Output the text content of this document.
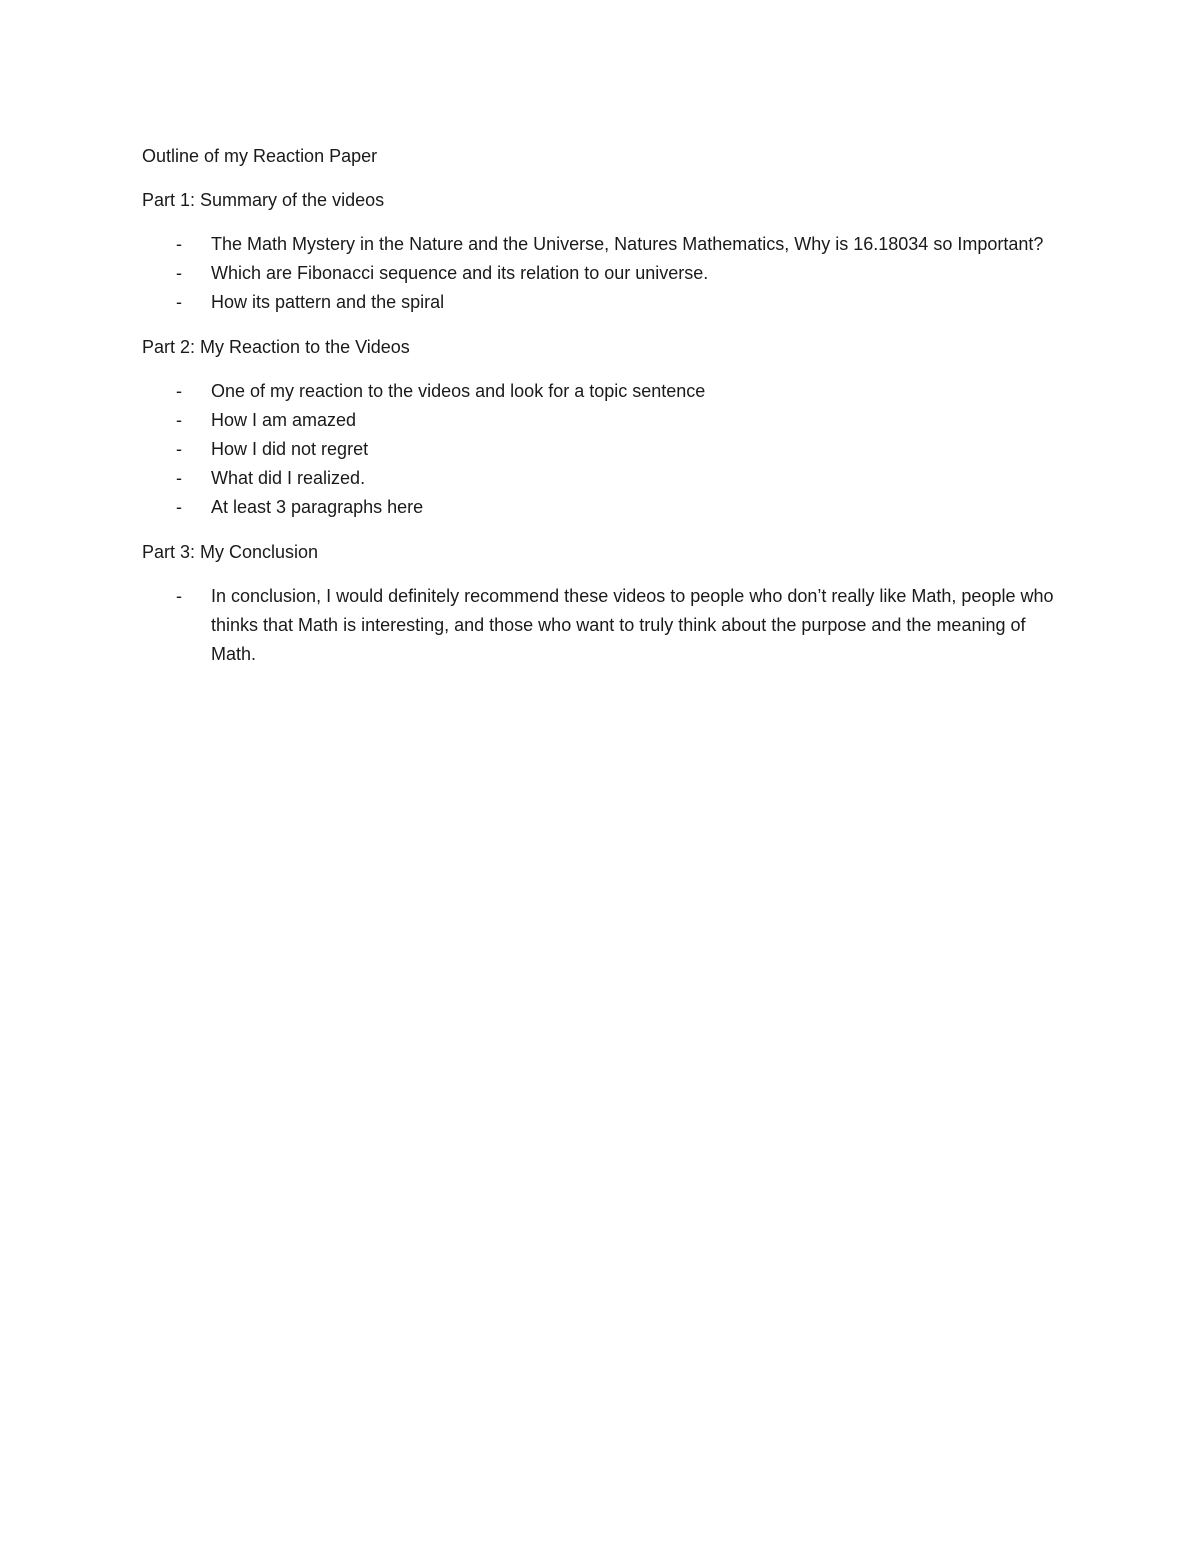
Outline of my Reaction Paper

Part 1: Summary of the videos

- The Math Mystery in the Nature and the Universe, Natures Mathematics, Why is 16.18034 so Important?
- Which are Fibonacci sequence and its relation to our universe.
- How its pattern and the spiral

Part 2: My Reaction to the Videos

- One of my reaction to the videos and look for a topic sentence
- How I am amazed
- How I did not regret
- What did I realized.
- At least 3 paragraphs here

Part 3: My Conclusion

- In conclusion, I would definitely recommend these videos to people who don’t really like Math, people who thinks that Math is interesting, and those who want to truly think about the purpose and the meaning of Math.
